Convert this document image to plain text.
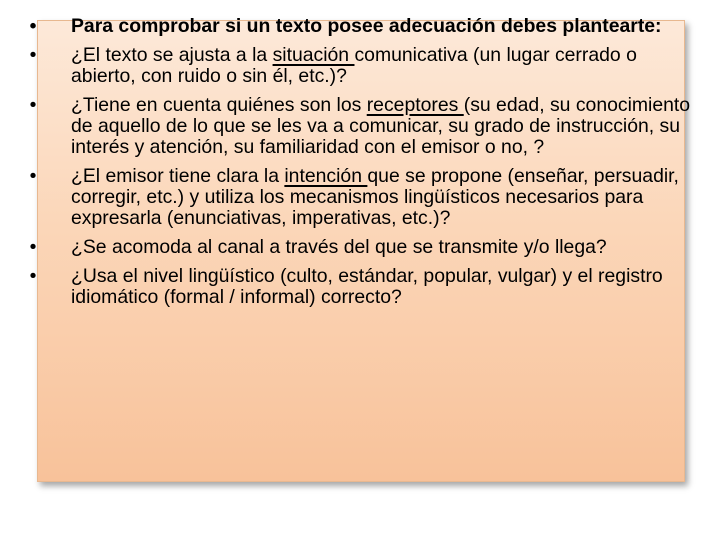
• Para comprobar si un texto posee adecuación debes plantearte:
• ¿El texto se ajusta a la situación comunicativa (un lugar cerrado o abierto, con ruido o sin él, etc.)?
• ¿Tiene en cuenta quiénes son los receptores (su edad, su conocimiento de aquello de lo que se les va a comunicar, su grado de instrucción, su interés y atención, su familiaridad con el emisor o no, ?
• ¿El emisor tiene clara la intención que se propone (enseñar, persuadir, corregir, etc.) y utiliza los mecanismos lingüísticos necesarios para expresarla (enunciativas, imperativas, etc.)?
• ¿Se acomoda al canal a través del que se transmite y/o llega?
• ¿Usa el nivel lingüístico (culto, estándar, popular, vulgar) y el registro idiomático (formal / informal) correcto?
